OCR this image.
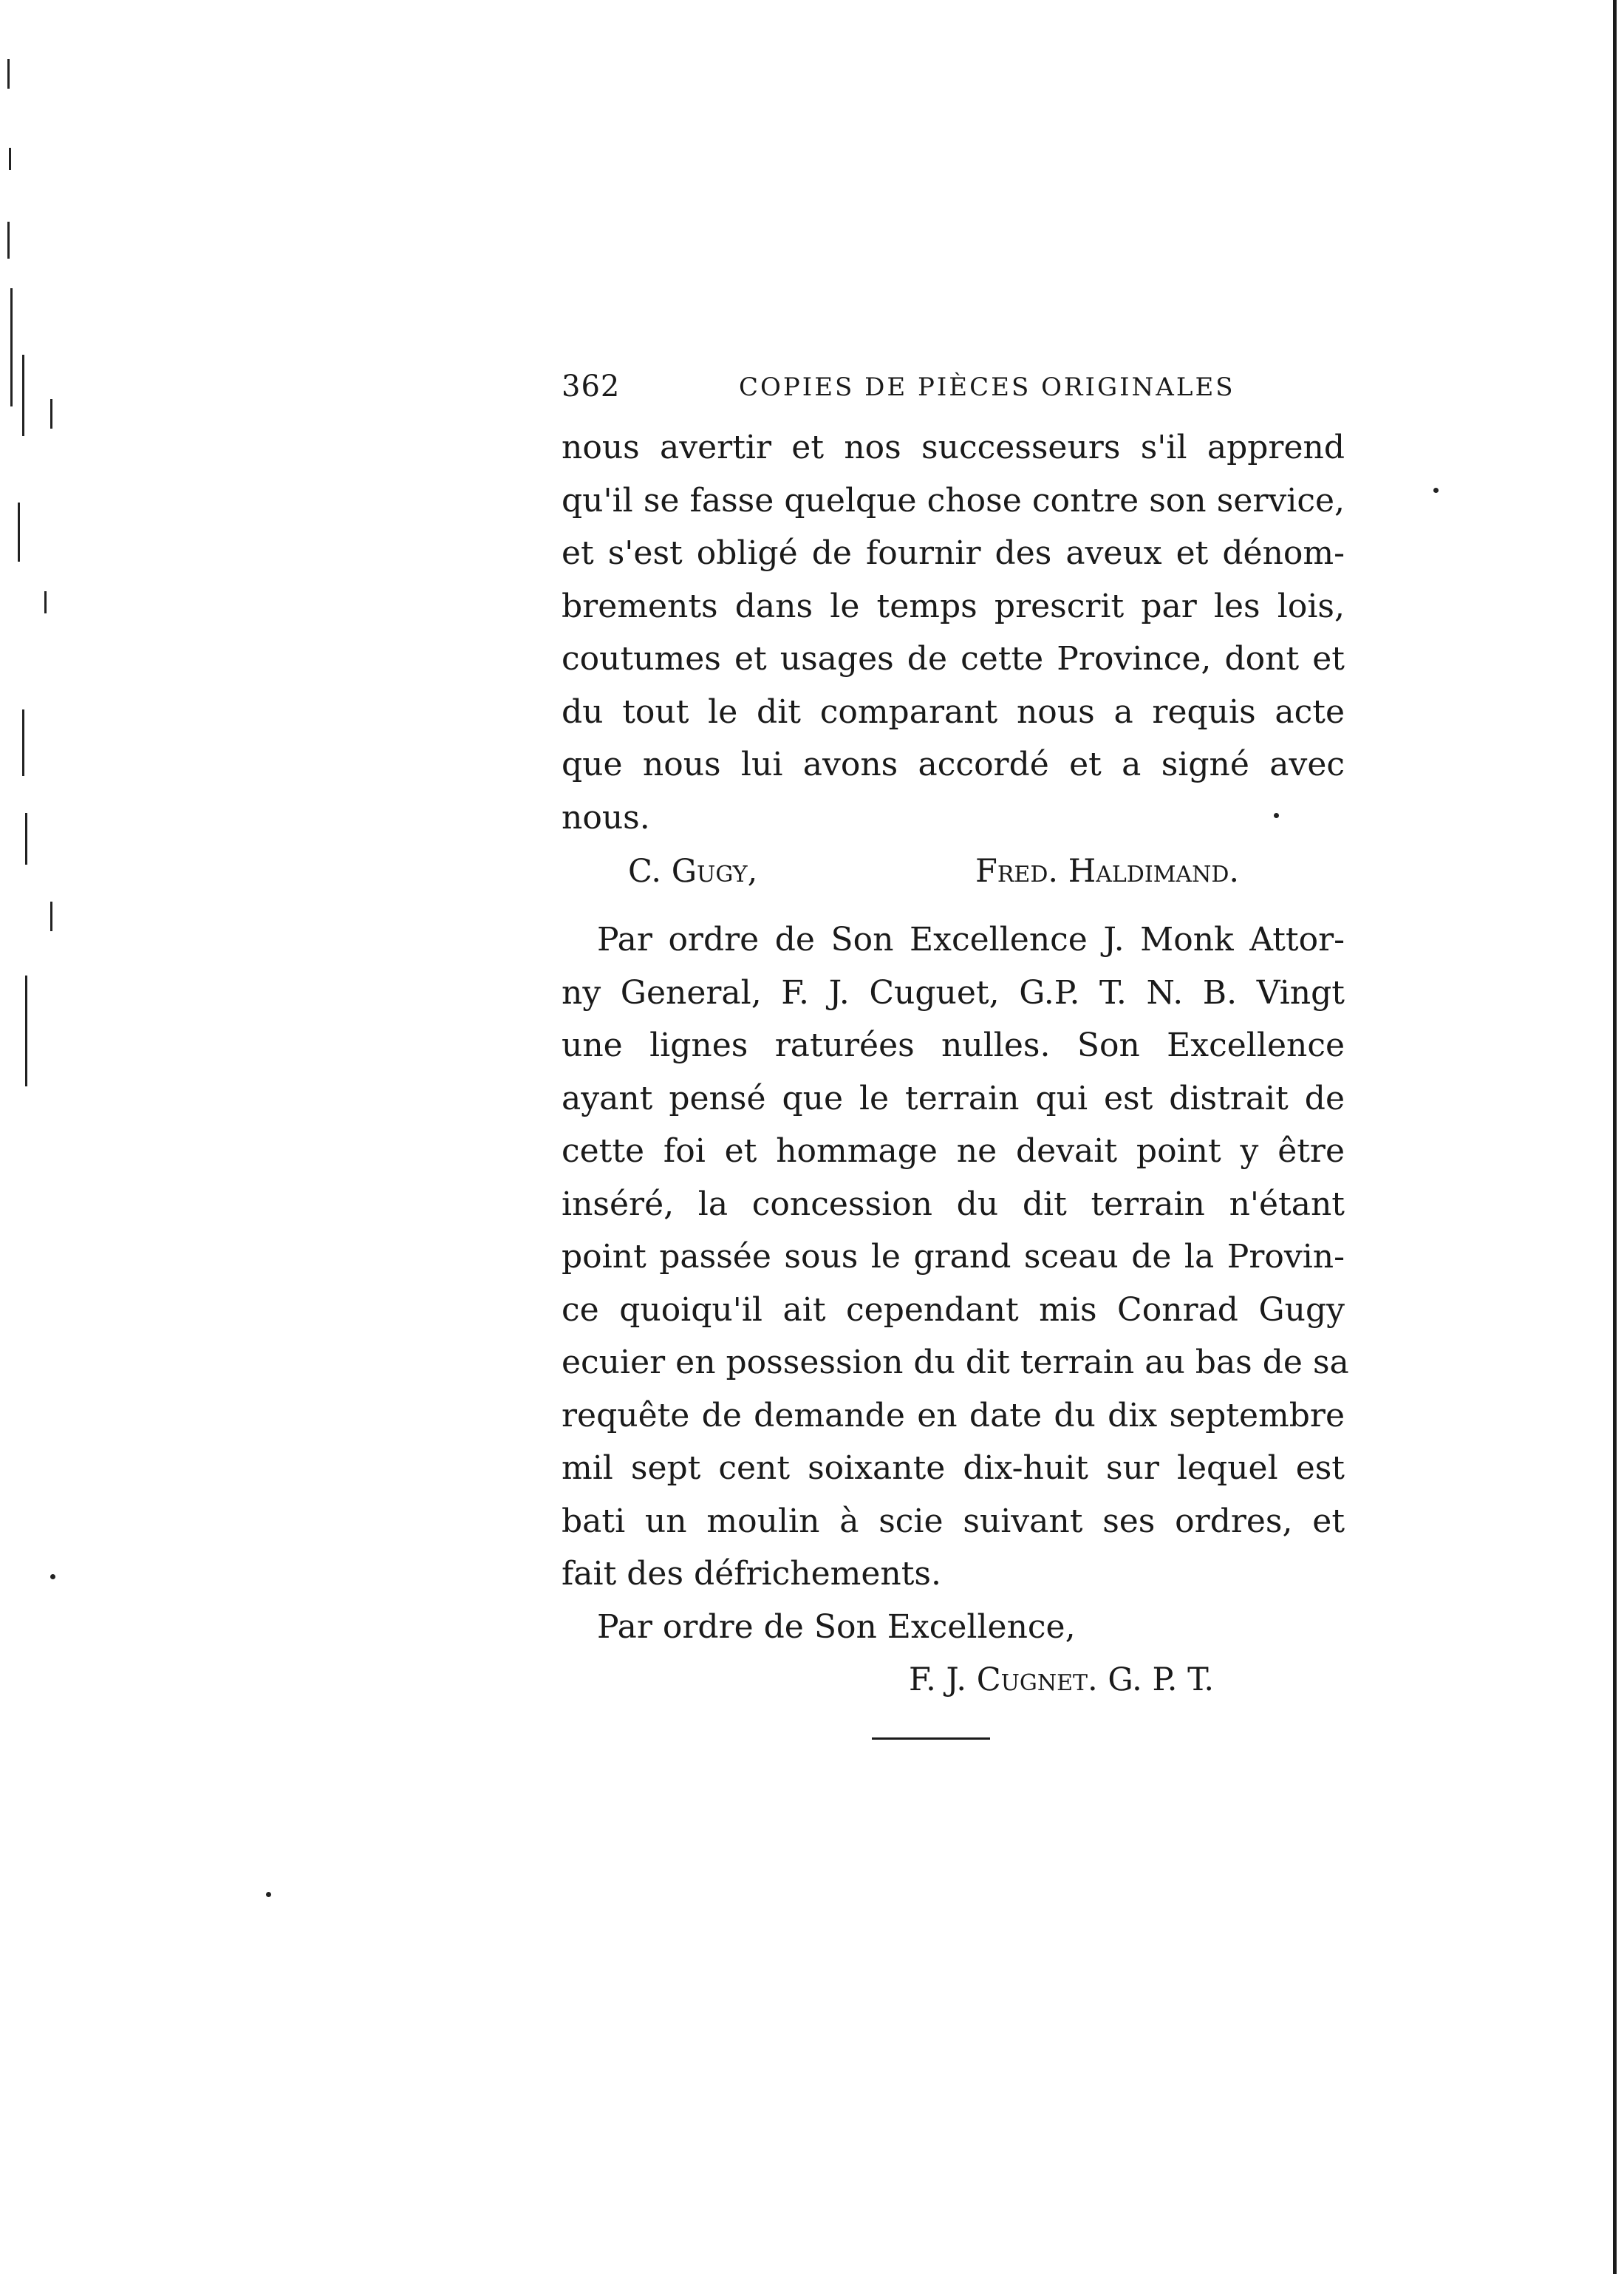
362	COPIES DE PIÈCES ORIGINALES
nous avertir et nos successeurs s'il apprend
qu'il se fasse quelque chose contre son service,
et s'est obligé de fournir des aveux et dénom-
brements dans le temps prescrit par les lois,
coutumes et usages de cette Province, dont et
du tout le dit comparant nous a requis acte
que nous lui avons accordé et a signé avec
nous.
C. Gugy,	Fred. Haldimand.
Par ordre de Son Excellence J. Monk Attor-
ny General, F. J. Cuguet, G.P. T. N. B. Vingt
une lignes raturées nulles. Son Excellence
ayant pensé que le terrain qui est distrait de
cette foi et hommage ne devait point y être
inséré, la concession du dit terrain n'étant
point passée sous le grand sceau de la Provin-
ce quoiqu'il ait cependant mis Conrad Gugy
ecuier en possession du dit terrain au bas de sa
requête de demande en date du dix septembre
mil sept cent soixante dix-huit sur lequel est
bati un moulin à scie suivant ses ordres, et
fait des défrichements.
Par ordre de Son Excellence,
F. J. Cugnet. G. P. T.
